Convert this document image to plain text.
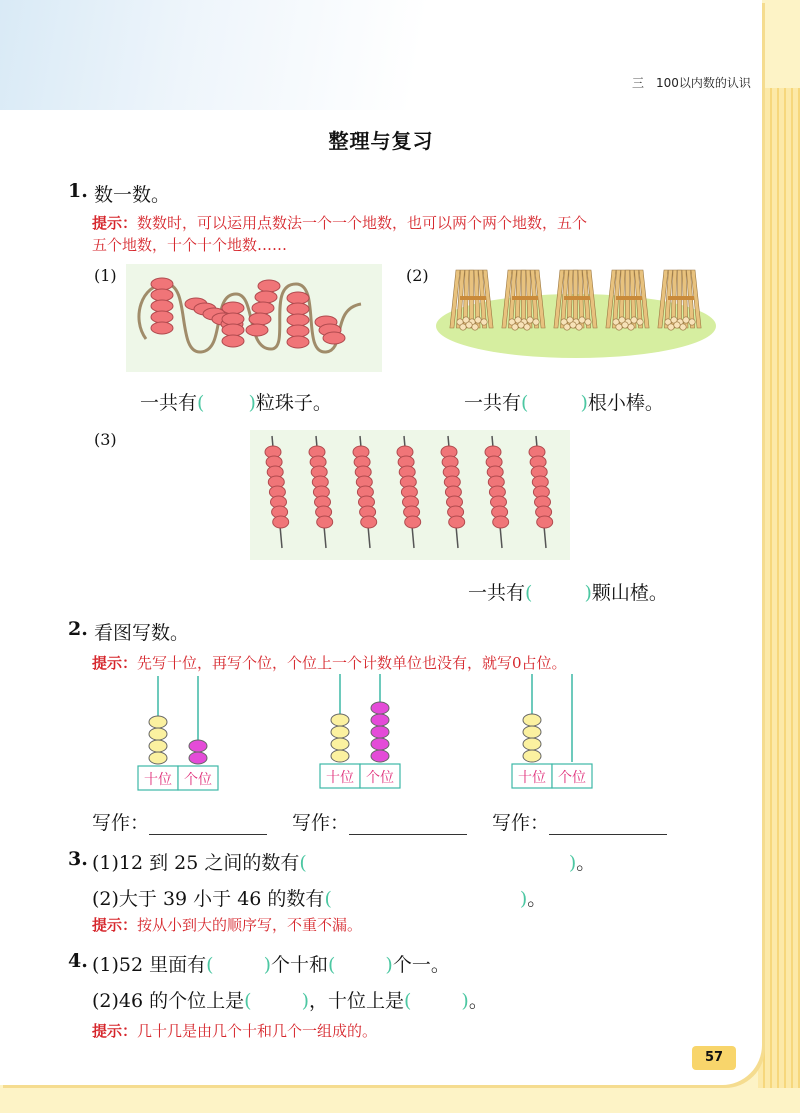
三　100以内数的认识
整理与复习
1. 数一数。
提示：数数时，可以运用点数法一个一个地数，也可以两个两个地数，五个
五个地数，十个十个地数……
(1)	(2)
(3)
一共有( )粒珠子。	一共有(	)根小棒。
一共有(	)颗山楂。
2. 看图写数。
提示：先写十位，再写个位，个位上一个计数单位也没有，就写0占位。
十位 个位	十位 个位	十位 个位
写作：	写作：	写作：
3. (1)12 到 25 之间的数有(	)。
(2)大于 39 小于 46 的数有(	)。
提示：按从小到大的顺序写，不重不漏。
4. (1)52 里面有(	)个十和(	)个一。
(2)46 的个位上是(	)，十位上是(	)。
提示：几十几是由几个十和几个一组成的。
57
